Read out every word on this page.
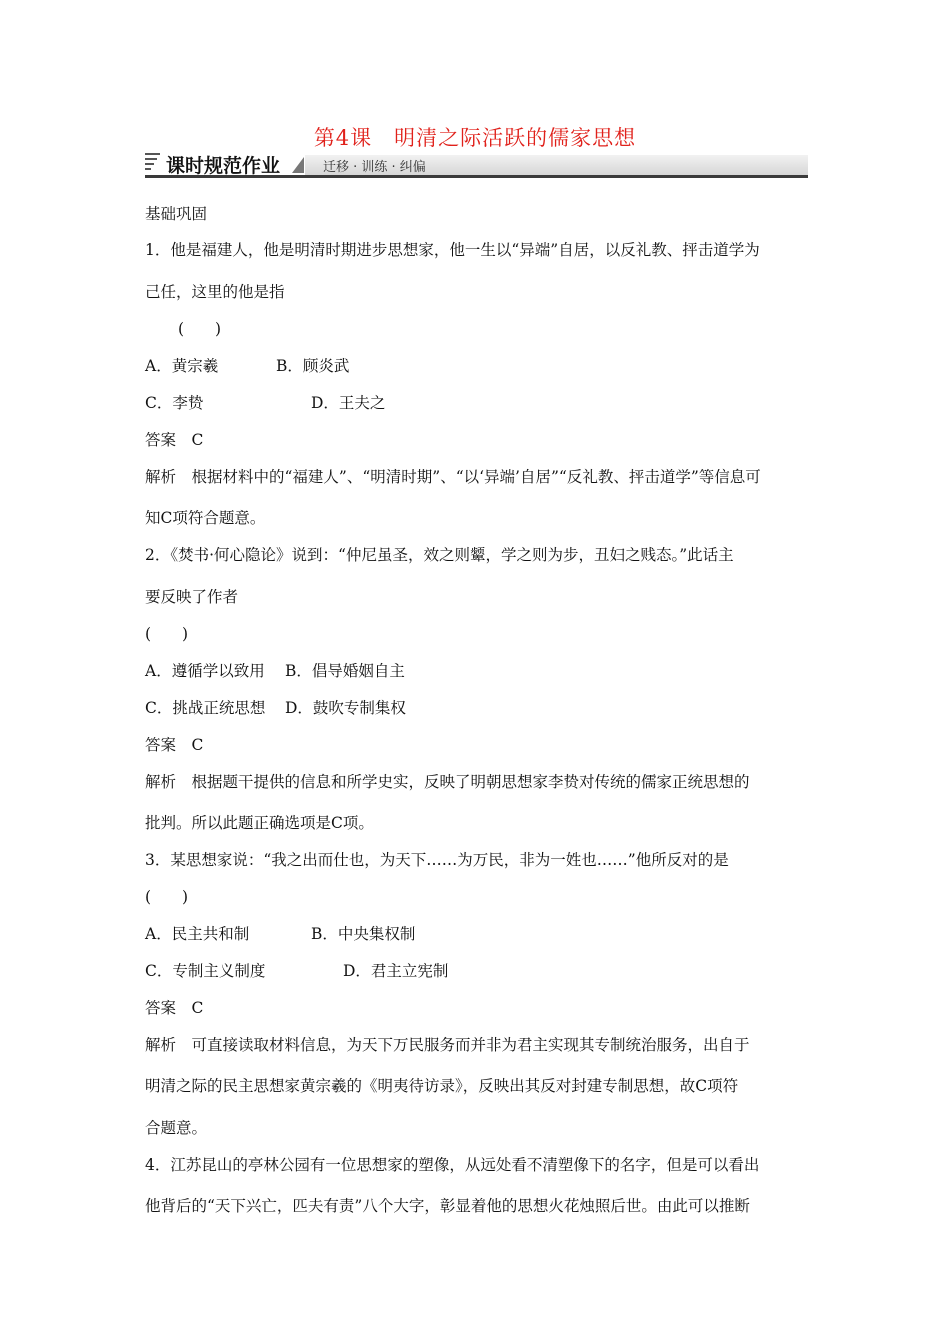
第4课　明清之际活跃的儒家思想
课时规范作业	迁移 · 训练 · 纠偏
基础巩固
1．他是福建人，他是明清时期进步思想家，他一生以“异端”自居，以反礼教、抨击道学为
己任，这里的他是指
(　　)
A．黄宗羲	B．顾炎武
C．李贽	D．王夫之
答案　C
解析　根据材料中的“福建人”、“明清时期”、“以‘异端’自居”“反礼教、抨击道学”等信息可
知C项符合题意。
2．《焚书·何心隐论》说到：“仲尼虽圣，效之则颦，学之则为步，丑妇之贱态。”此话主
要反映了作者
(　　)
A．遵循学以致用 B．倡导婚姻自主
C．挑战正统思想 D．鼓吹专制集权
答案　C
解析　根据题干提供的信息和所学史实，反映了明朝思想家李贽对传统的儒家正统思想的
批判。所以此题正确选项是C项。
3．某思想家说：“我之出而仕也，为天下……为万民，非为一姓也……”他所反对的是
(　　)
A．民主共和制	B．中央集权制
C．专制主义制度	D．君主立宪制
答案　C
解析　可直接读取材料信息，为天下万民服务而并非为君主实现其专制统治服务，出自于
明清之际的民主思想家黄宗羲的《明夷待访录》，反映出其反对封建专制思想，故C项符
合题意。
4．江苏昆山的亭林公园有一位思想家的塑像，从远处看不清塑像下的名字，但是可以看出
他背后的“天下兴亡，匹夫有责”八个大字，彰显着他的思想火花烛照后世。由此可以推断
